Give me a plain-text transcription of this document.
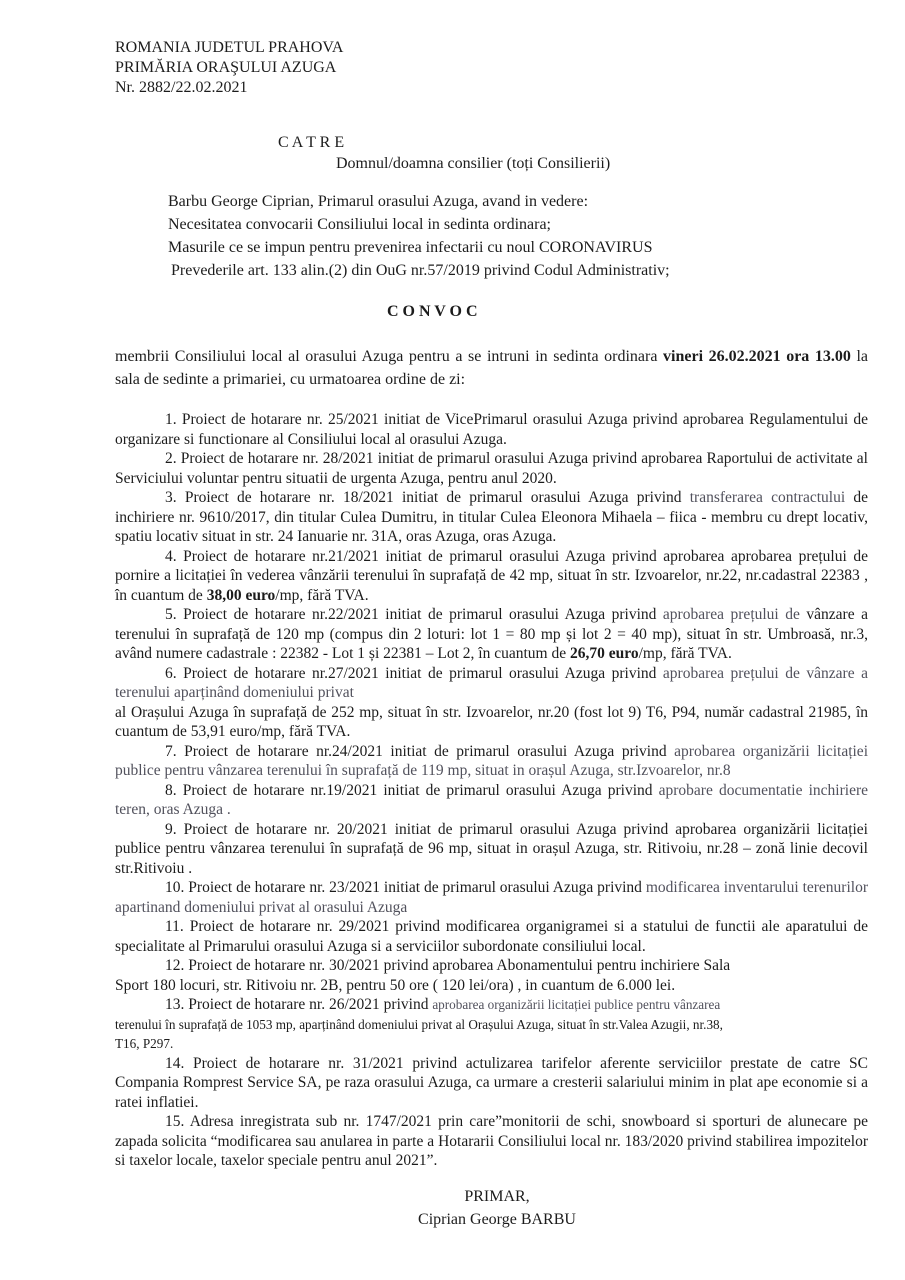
ROMANIA JUDETUL PRAHOVA

PRIMĂRIA ORAŞULUI AZUGA

Nr. 2882/22.02.2021

C A T R E

Domnul/doamna consilier (toți Consilierii)

Barbu George Ciprian, Primarul orasului Azuga, avand in vedere:

Necesitatea convocarii Consiliului local in sedinta ordinara;

Masurile ce se impun pentru prevenirea infectarii cu noul CORONAVIRUS

Prevederile art. 133 alin.(2) din OuG nr.57/2019 privind Codul Administrativ;

C O N V O C

membrii Consiliului local al orasului Azuga pentru a se intruni in sedinta ordinara vineri 26.02.2021 ora 13.00 la sala de sedinte a primariei, cu urmatoarea ordine de zi:

1. Proiect de hotarare nr. 25/2021 initiat de VicePrimarul orasului Azuga privind aprobarea Regulamentului de organizare si functionare al Consiliului local al orasului Azuga.

2. Proiect de hotarare nr. 28/2021 initiat de primarul orasului Azuga privind aprobarea Raportului de activitate al Serviciului voluntar pentru situatii de urgenta Azuga, pentru anul 2020.

3. Proiect de hotarare nr. 18/2021 initiat de primarul orasului Azuga privind transferarea contractului de inchiriere nr. 9610/2017, din titular Culea Dumitru, in titular Culea Eleonora Mihaela – fiica - membru cu drept locativ, spatiu locativ situat in str. 24 Ianuarie nr. 31A, oras Azuga, oras Azuga.

4. Proiect de hotarare nr.21/2021 initiat de primarul orasului Azuga privind aprobarea aprobarea prețului de pornire a licitației în vederea vânzării terenului în suprafață de 42 mp, situat în str. Izvoarelor, nr.22, nr.cadastral 22383 , în cuantum de 38,00 euro/mp, fără TVA.

5. Proiect de hotarare nr.22/2021 initiat de primarul orasului Azuga privind aprobarea prețului de vânzare a terenului în suprafață de 120 mp (compus din 2 loturi: lot 1 = 80 mp și lot 2 = 40 mp), situat în str. Umbroasă, nr.3, având numere cadastrale : 22382 - Lot 1 și 22381 – Lot 2, în cuantum de 26,70 euro/mp, fără TVA.

6. Proiect de hotarare nr.27/2021 initiat de primarul orasului Azuga privind aprobarea prețului de vânzare a terenului aparținând domeniului privat
al Orașului Azuga în suprafață de 252 mp, situat în str. Izvoarelor, nr.20 (fost lot 9) T6, P94, număr cadastral 21985, în cuantum de 53,91 euro/mp, fără TVA.

7. Proiect de hotarare nr.24/2021 initiat de primarul orasului Azuga privind aprobarea organizării licitației publice pentru vânzarea terenului în suprafață de 119 mp, situat in orașul Azuga, str.Izvoarelor, nr.8

8. Proiect de hotarare nr.19/2021 initiat de primarul orasului Azuga privind aprobare documentatie inchiriere teren, oras Azuga .

9. Proiect de hotarare nr. 20/2021 initiat de primarul orasului Azuga privind aprobarea organizării licitației publice pentru vânzarea terenului în suprafață de 96 mp, situat in orașul Azuga, str. Ritivoiu, nr.28 – zonă linie decovil str.Ritivoiu .

10. Proiect de hotarare nr. 23/2021 initiat de primarul orasului Azuga privind modificarea inventarului terenurilor apartinand domeniului privat al orasului Azuga

11. Proiect de hotarare nr. 29/2021 privind modificarea organigramei si a statului de functii ale aparatului de specialitate al Primarului orasului Azuga si a serviciilor subordonate consiliului local.

12. Proiect de hotarare nr. 30/2021 privind aprobarea Abonamentului pentru inchiriere Sala
Sport 180 locuri, str. Ritivoiu nr. 2B, pentru 50 ore ( 120 lei/ora) , in cuantum de 6.000 lei.

13. Proiect de hotarare nr. 26/2021 privind aprobarea organizării licitației publice pentru vânzarea
terenului în suprafață de 1053 mp, aparținând domeniului privat al Orașului Azuga, situat în str.Valea Azugii, nr.38,
T16, P297.

14. Proiect de hotarare nr. 31/2021 privind actulizarea tarifelor aferente serviciilor prestate de catre SC Compania Romprest Service SA, pe raza orasului Azuga, ca urmare a cresterii salariului minim in plat ape economie si a ratei inflatiei.

15. Adresa inregistrata sub nr. 1747/2021 prin care”monitorii de schi, snowboard si sporturi de alunecare pe zapada solicita “modificarea sau anularea in parte a Hotararii Consiliului local nr. 183/2020 privind stabilirea impozitelor si taxelor locale, taxelor speciale pentru anul 2021”.

PRIMAR,

Ciprian George BARBU
